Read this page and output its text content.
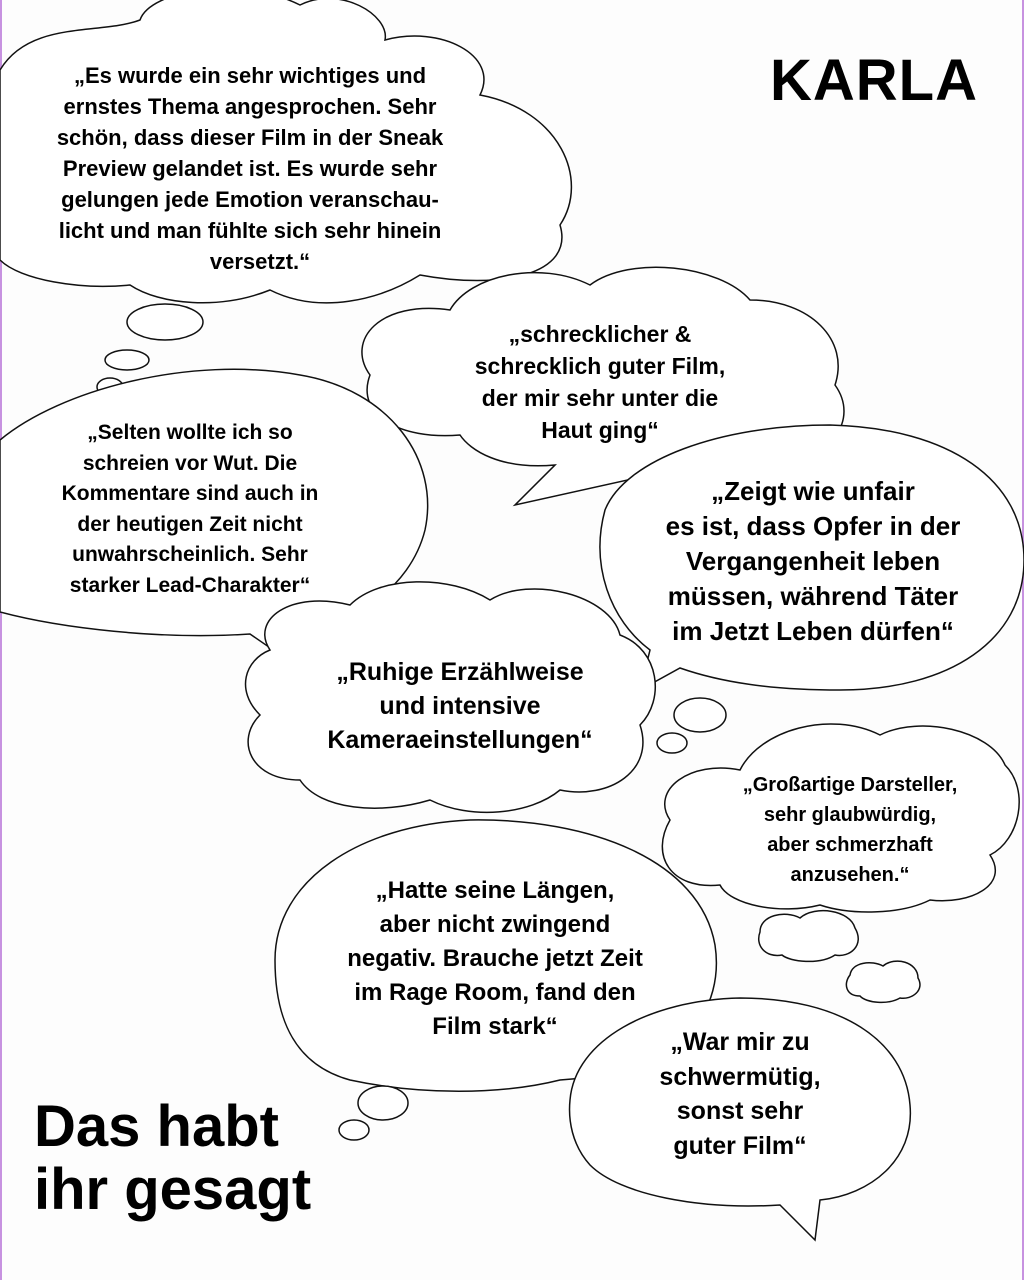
KARLA

„Es wurde ein sehr wichtiges und
ernstes Thema angesprochen. Sehr
schön, dass dieser Film in der Sneak
Preview gelandet ist. Es wurde sehr
gelungen jede Emotion veranschau-
licht und man fühlte sich sehr hinein
versetzt.“

„schrecklicher &
schrecklich guter Film,
der mir sehr unter die
Haut ging“

„Selten wollte ich so
schreien vor Wut. Die
Kommentare sind auch in
der heutigen Zeit nicht
unwahrscheinlich. Sehr
starker Lead-Charakter“

„Zeigt wie unfair
es ist, dass Opfer in der
Vergangenheit leben
müssen, während Täter
im Jetzt Leben dürfen“

„Ruhige Erzählweise
und intensive
Kameraeinstellungen“

„Großartige Darsteller,
sehr glaubwürdig,
aber schmerzhaft
anzusehen.“

„Hatte seine Längen,
aber nicht zwingend
negativ. Brauche jetzt Zeit
im Rage Room, fand den
Film stark“

„War mir zu
schwermütig,
sonst sehr
guter Film“

Das habt
ihr gesagt
